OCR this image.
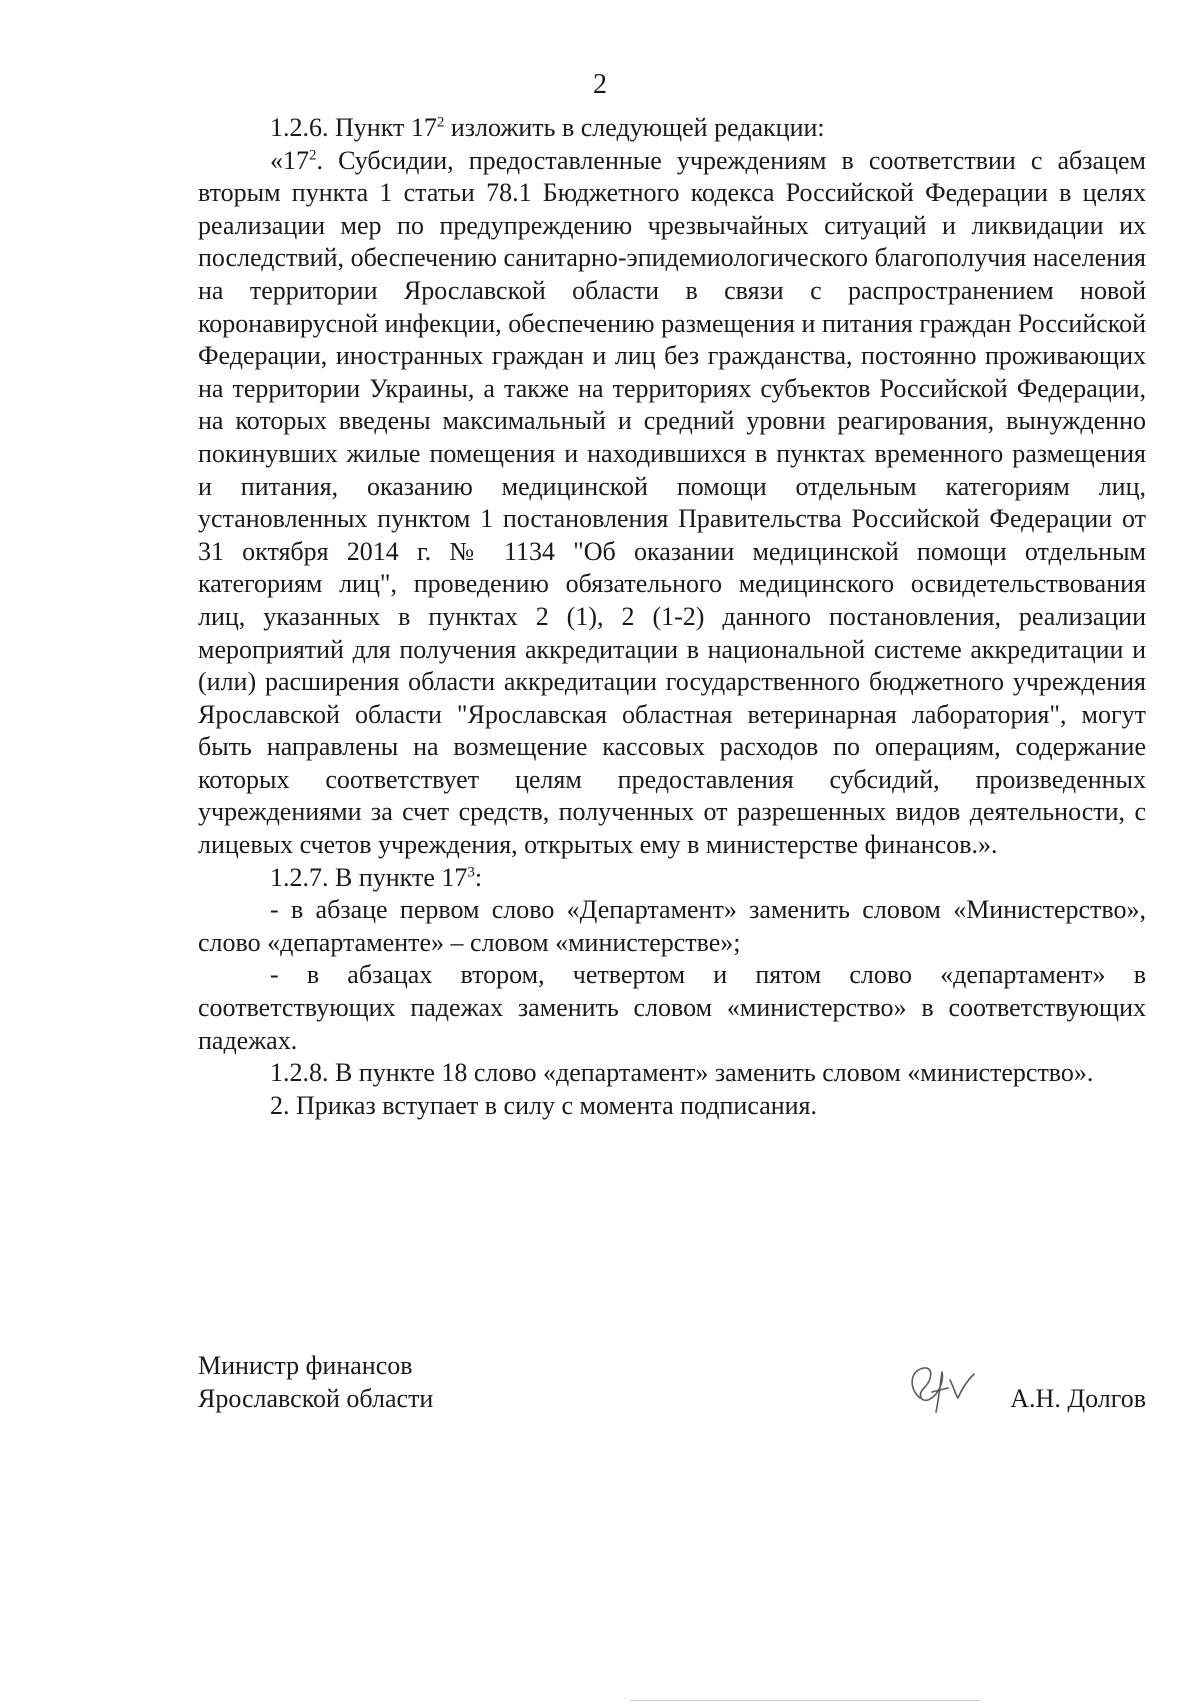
2

1.2.6. Пункт $17^2$ изложить в следующей редакции:

«$17^2$. Субсидии, предоставленные учреждениям в соответствии с абзацем вторым пункта 1 статьи 78.1 Бюджетного кодекса Российской Федерации в целях реализации мер по предупреждению чрезвычайных ситуаций и ликвидации их последствий, обеспечению санитарно-эпидемиологического благополучия населения на территории Ярославской области в связи с распространением новой коронавирусной инфекции, обеспечению размещения и питания граждан Российской Федерации, иностранных граждан и лиц без гражданства, постоянно проживающих на территории Украины, а также на территориях субъектов Российской Федерации, на которых введены максимальный и средний уровни реагирования, вынужденно покинувших жилые помещения и находившихся в пунктах временного размещения и питания, оказанию медицинской помощи отдельным категориям лиц, установленных пунктом 1 постановления Правительства Российской Федерации от 31 октября 2014 г. № 1134 "Об оказании медицинской помощи отдельным категориям лиц", проведению обязательного медицинского освидетельствования лиц, указанных в пунктах 2 (1), 2 (1-2) данного постановления, реализации мероприятий для получения аккредитации в национальной системе аккредитации и (или) расширения области аккредитации государственного бюджетного учреждения Ярославской области "Ярославская областная ветеринарная лаборатория", могут быть направлены на возмещение кассовых расходов по операциям, содержание которых соответствует целям предоставления субсидий, произведенных учреждениями за счет средств, полученных от разрешенных видов деятельности, с лицевых счетов учреждения, открытых ему в министерстве финансов.».

1.2.7. В пункте $17^3$:

- в абзаце первом слово «Департамент» заменить словом «Министерство», слово «департаменте» – словом «министерстве»;

- в абзацах втором, четвертом и пятом слово «департамент» в соответствующих падежах заменить словом «министерство» в соответствующих падежах.

1.2.8. В пункте 18 слово «департамент» заменить словом «министерство».

2. Приказ вступает в силу с момента подписания.

Министр финансов
Ярославской области	А.Н. Долгов
